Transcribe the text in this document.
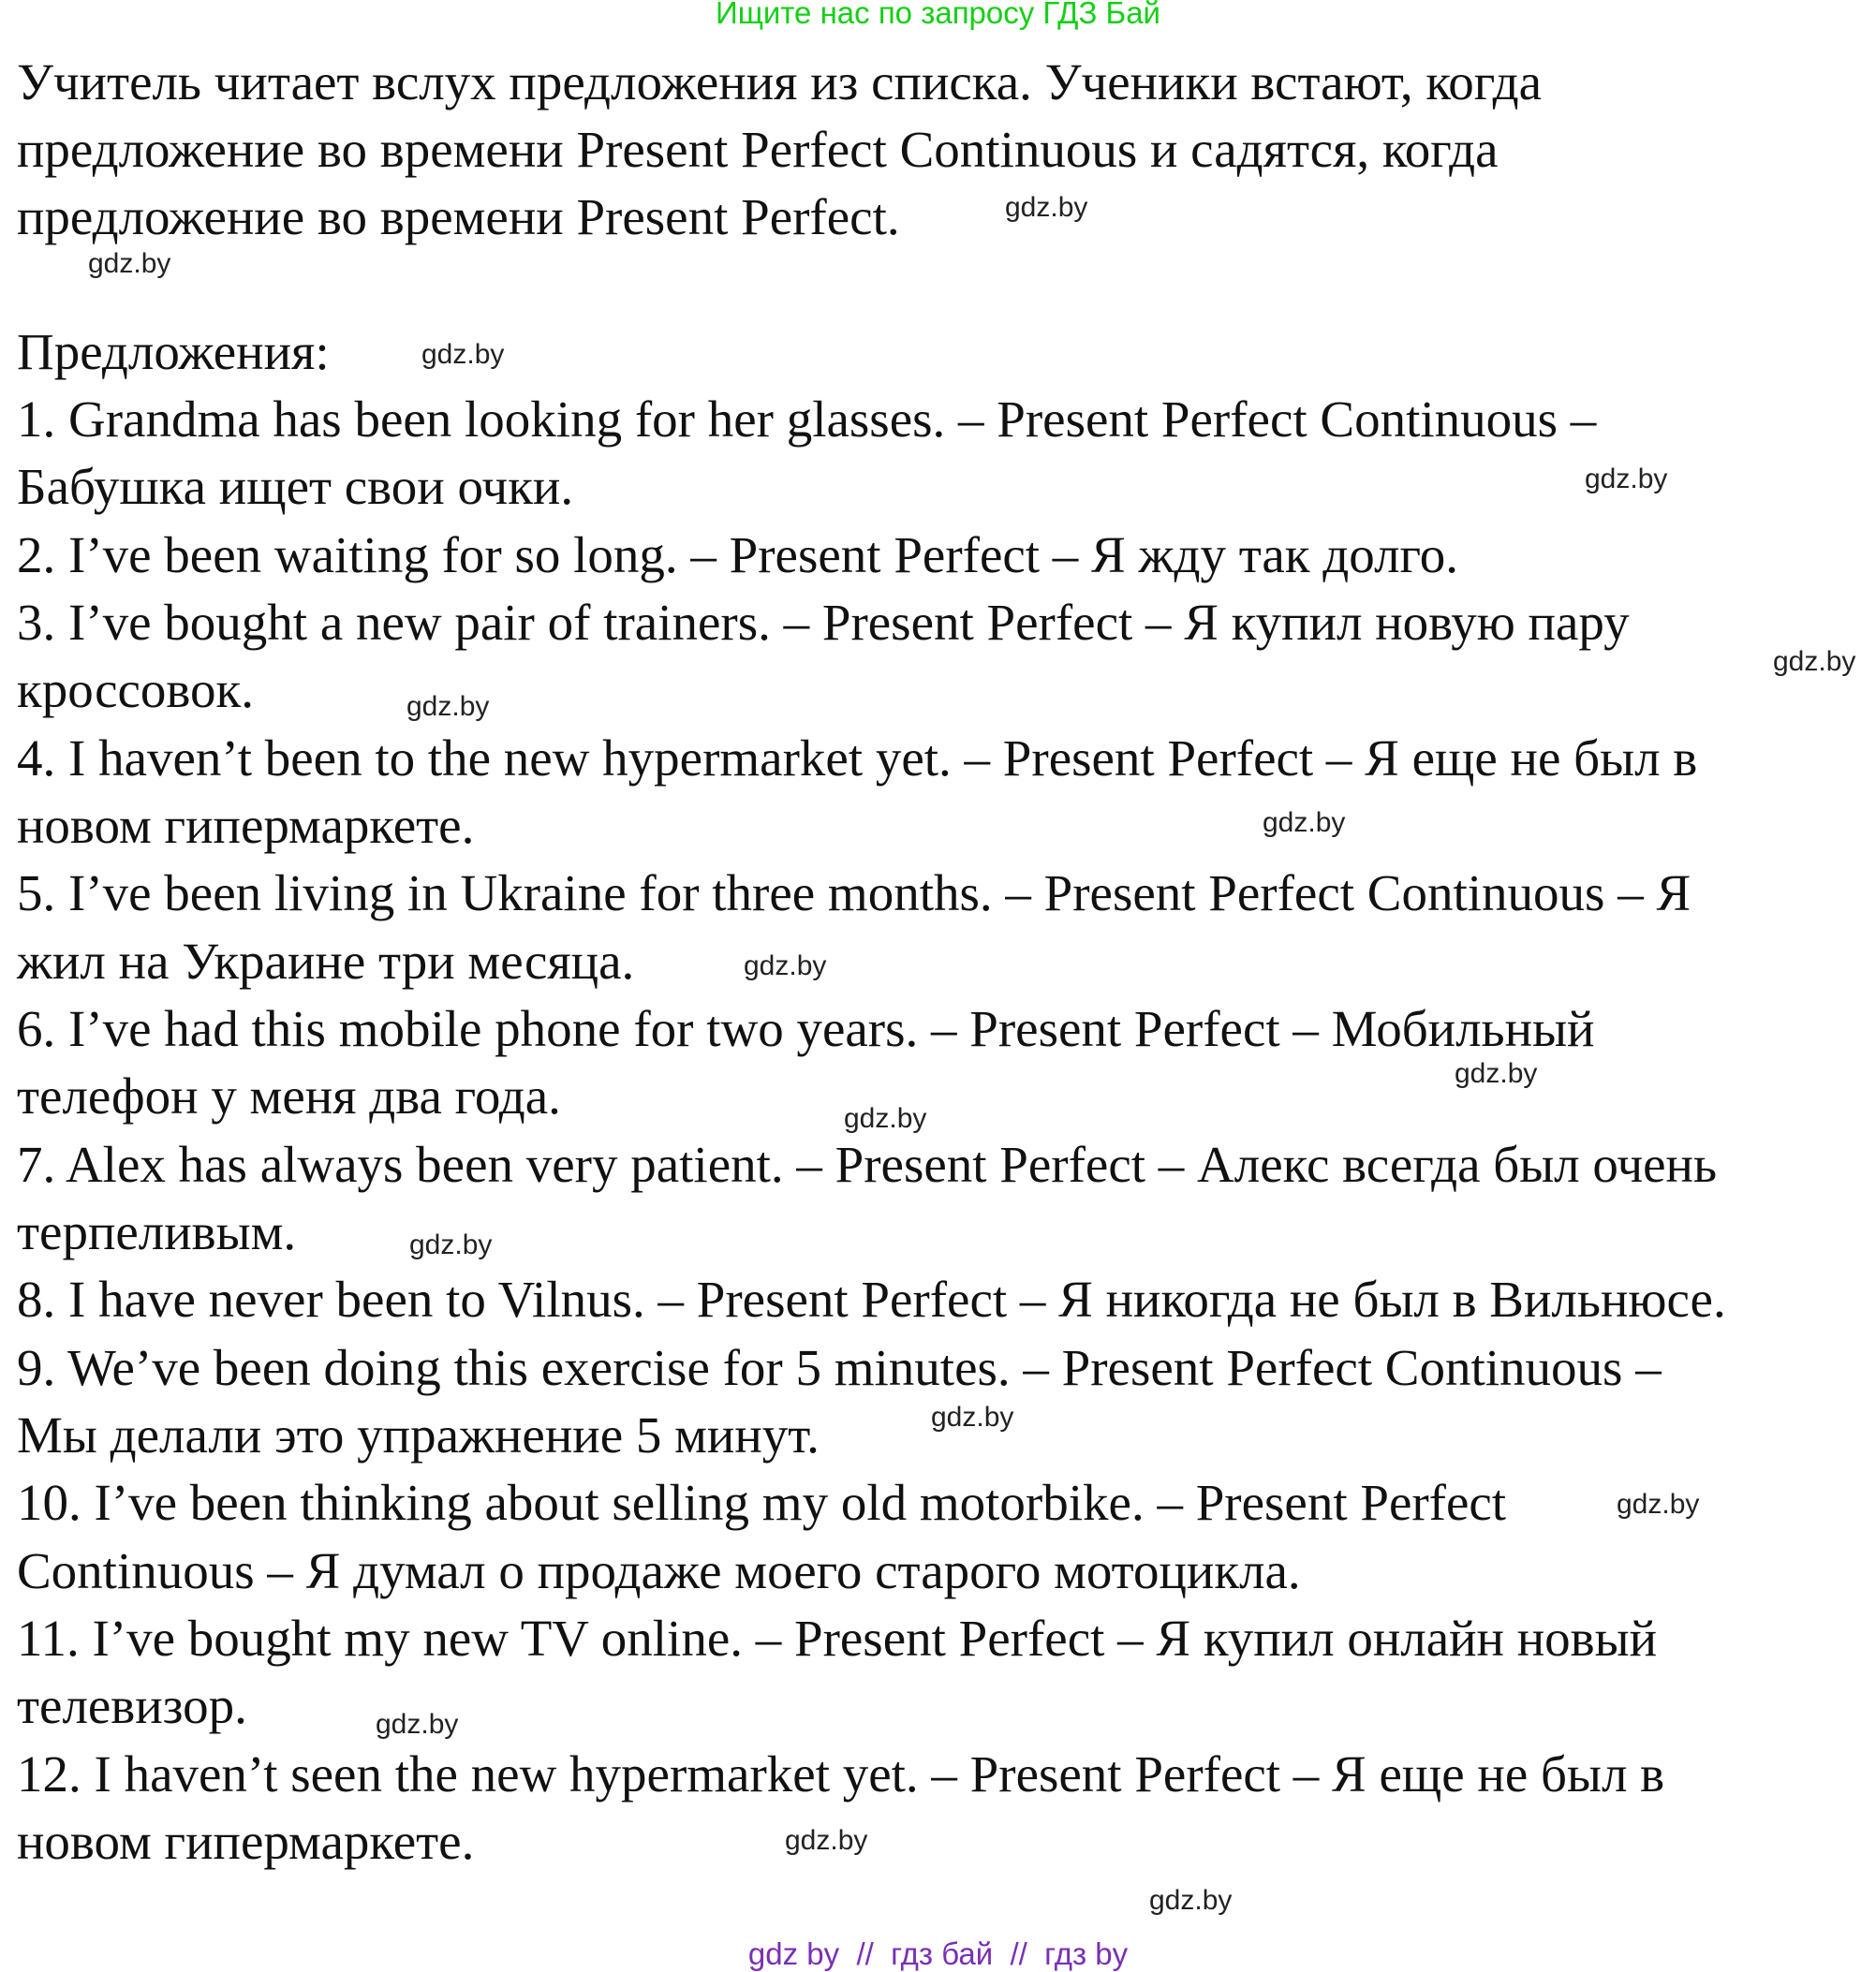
Ищите нас по запросу ГДЗ Бай
Учитель читает вслух предложения из списка. Ученики встают, когда
предложение во времени Present Perfect Continuous и садятся, когда
предложение во времени Present Perfect.
Предложения:
1. Grandma has been looking for her glasses. – Present Perfect Continuous –
Бабушка ищет свои очки.
2. I’ve been waiting for so long. – Present Perfect – Я жду так долго.
3. I’ve bought a new pair of trainers. – Present Perfect – Я купил новую пару
кроссовок.
4. I haven’t been to the new hypermarket yet. – Present Perfect – Я еще не был в
новом гипермаркете.
5. I’ve been living in Ukraine for three months. – Present Perfect Continuous – Я
жил на Украине три месяца.
6. I’ve had this mobile phone for two years. – Present Perfect – Мобильный
телефон у меня два года.
7. Alex has always been very patient. – Present Perfect – Алекс всегда был очень
терпеливым.
8. I have never been to Vilnus. – Present Perfect – Я никогда не был в Вильнюсе.
9. We’ve been doing this exercise for 5 minutes. – Present Perfect Continuous –
Мы делали это упражнение 5 минут.
10. I’ve been thinking about selling my old motorbike. – Present Perfect
Continuous – Я думал о продаже моего старого мотоцикла.
11. I’ve bought my new TV online. – Present Perfect – Я купил онлайн новый
телевизор.
12. I haven’t seen the new hypermarket yet. – Present Perfect – Я еще не был в
новом гипермаркете.
gdz.by
gdz.by
gdz.by
gdz.by
gdz.by
gdz.by
gdz.by
gdz.by
gdz.by
gdz.by
gdz.by
gdz.by
gdz.by
gdz.by
gdz.by
gdz.by
gdz by  //  гдз бай  //  гдз by
